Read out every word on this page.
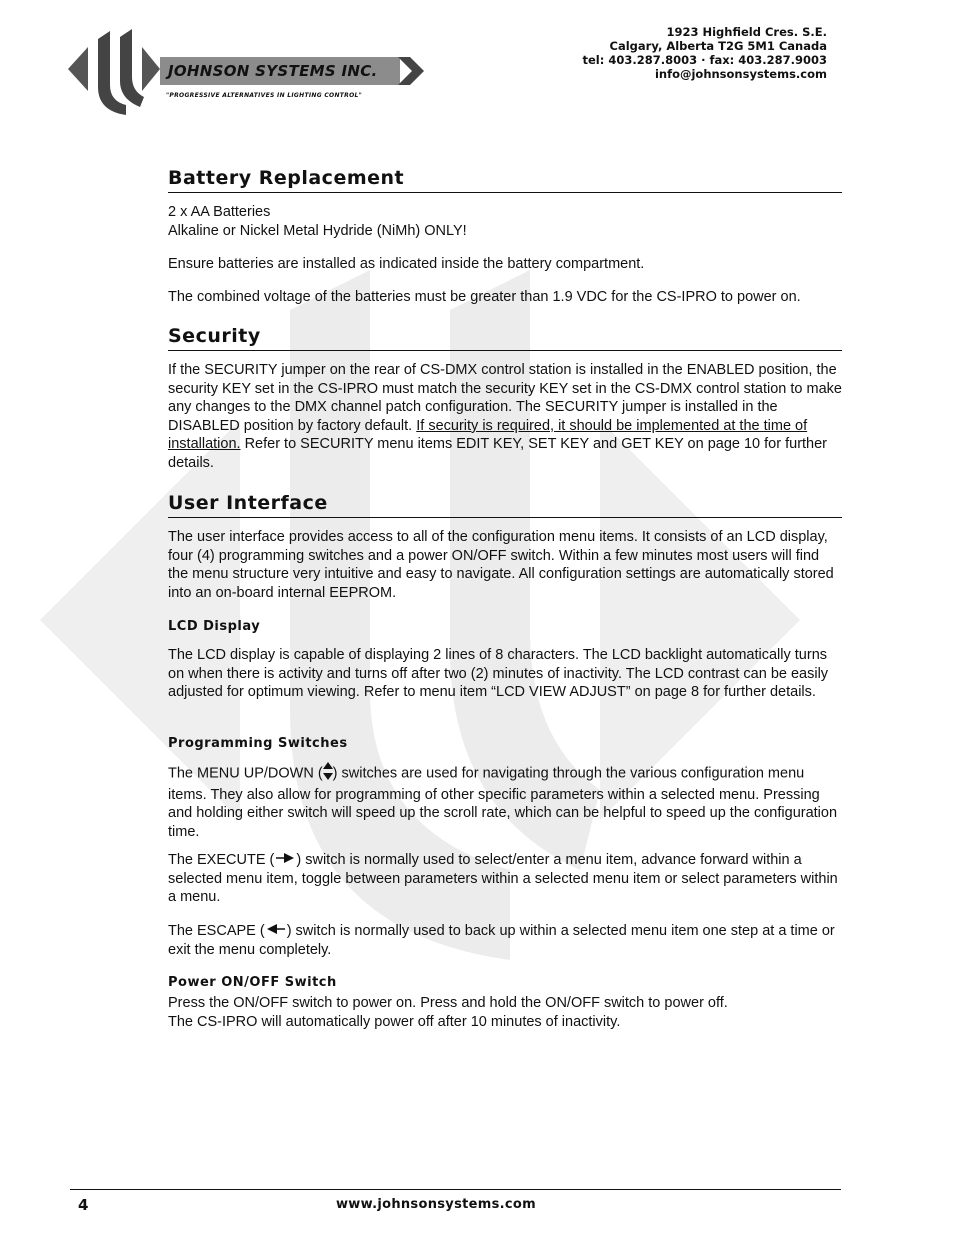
JOHNSON SYSTEMS INC.
"PROGRESSIVE ALTERNATIVES IN LIGHTING CONTROL"
1923 Highfield Cres. S.E.
Calgary, Alberta T2G 5M1 Canada
tel: 403.287.8003 · fax: 403.287.9003
info@johnsonsystems.com
Battery Replacement

2 x AA Batteries
Alkaline or Nickel Metal Hydride (NiMh) ONLY!

Ensure batteries are installed as indicated inside the battery compartment.

The combined voltage of the batteries must be greater than 1.9 VDC for the CS-IPRO to power on.

Security

If the SECURITY jumper on the rear of CS-DMX control station is installed in the ENABLED position, the security KEY set in the CS-IPRO must match the security KEY set in the CS-DMX control station to make any changes to the DMX channel patch configuration. The SECURITY jumper is installed in the DISABLED position by factory default. If security is required, it should be implemented at the time of installation. Refer to SECURITY menu items EDIT KEY, SET KEY and GET KEY on page 10 for further details.

User Interface

The user interface provides access to all of the configuration menu items. It consists of an LCD display, four (4) programming switches and a power ON/OFF switch. Within a few minutes most users will find the menu structure very intuitive and easy to navigate. All configuration settings are automatically stored into an on-board internal EEPROM.

LCD Display

The LCD display is capable of displaying 2 lines of 8 characters. The LCD backlight automatically turns on when there is activity and turns off after two (2) minutes of inactivity. The LCD contrast can be easily adjusted for optimum viewing. Refer to menu item “LCD VIEW ADJUST” on page 8 for further details.

Programming Switches

The MENU UP/DOWN ( ) switches are used for navigating through the various configuration menu items. They also allow for programming of other specific parameters within a selected menu. Pressing and holding either switch will speed up the scroll rate, which can be helpful to speed up the configuration time.

The EXECUTE ( ) switch is normally used to select/enter a menu item, advance forward within a selected menu item, toggle between parameters within a selected menu item or select parameters within a menu.

The ESCAPE ( ) switch is normally used to back up within a selected menu item one step at a time or exit the menu completely.

Power ON/OFF Switch

Press the ON/OFF switch to power on. Press and hold the ON/OFF switch to power off.
The CS-IPRO will automatically power off after 10 minutes of inactivity.

4	www.johnsonsystems.com
